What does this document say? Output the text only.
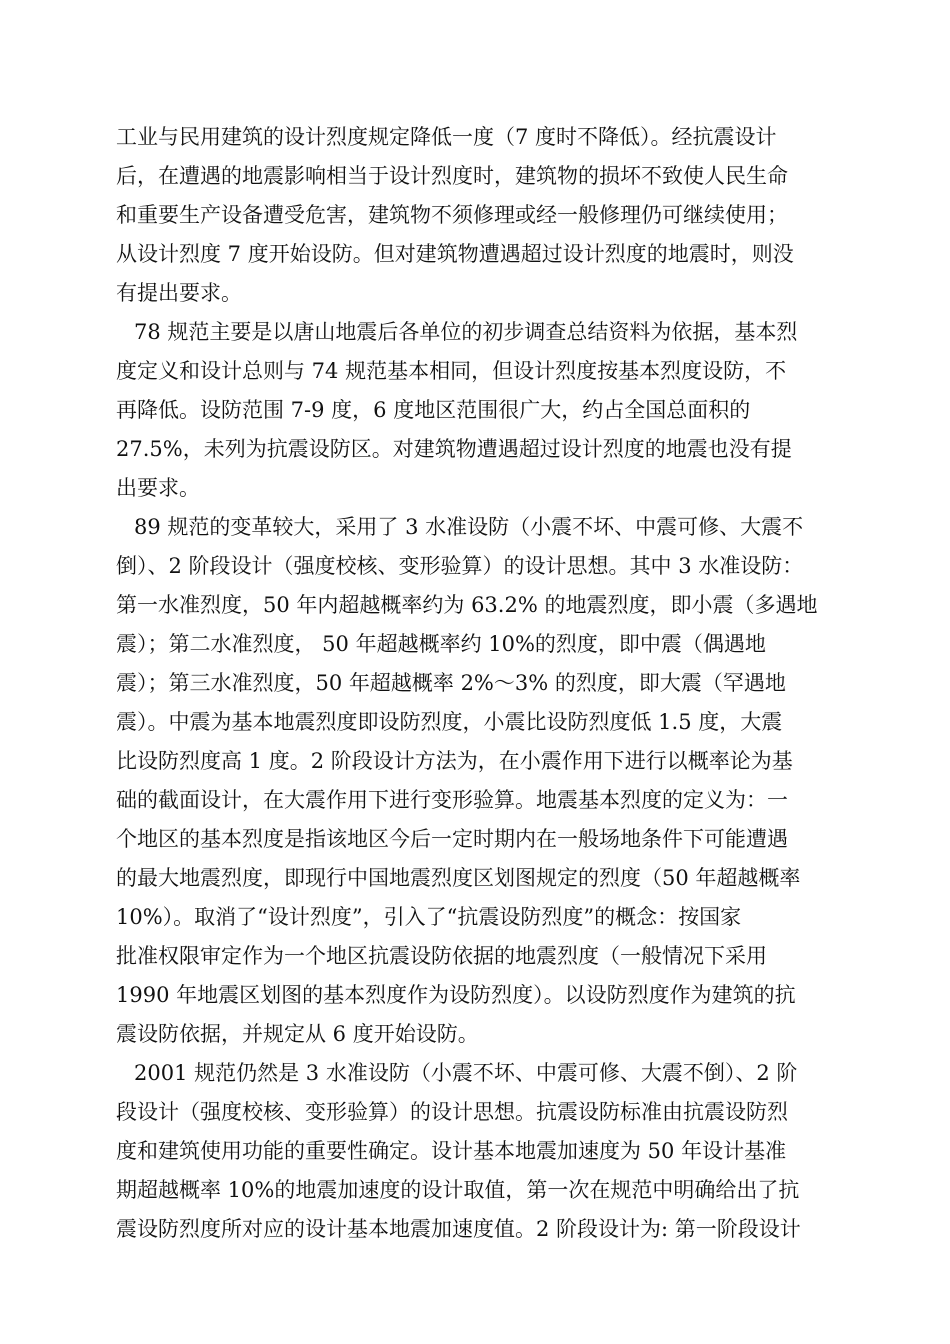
工业与民用建筑的设计烈度规定降低一度（7 度时不降低）。经抗震设计
后，在遭遇的地震影响相当于设计烈度时，建筑物的损坏不致使人民生命
和重要生产设备遭受危害，建筑物不须修理或经一般修理仍可继续使用；
从设计烈度 7 度开始设防。但对建筑物遭遇超过设计烈度的地震时，则没
有提出要求。
78 规范主要是以唐山地震后各单位的初步调查总结资料为依据，基本烈
度定义和设计总则与 74 规范基本相同，但设计烈度按基本烈度设防，不
再降低。设防范围 7-9 度，6 度地区范围很广大，约占全国总面积的
27.5%，未列为抗震设防区。对建筑物遭遇超过设计烈度的地震也没有提
出要求。
89 规范的变革较大，采用了 3 水准设防（小震不坏、中震可修、大震不
倒）、2 阶段设计（强度校核、变形验算）的设计思想。其中 3 水准设防：
第一水准烈度，50 年内超越概率约为 63.2% 的地震烈度，即小震（多遇地
震）；第二水准烈度， 50 年超越概率约 10%的烈度，即中震（偶遇地
震）；第三水准烈度，50 年超越概率 2%～3% 的烈度，即大震（罕遇地
震）。中震为基本地震烈度即设防烈度，小震比设防烈度低 1.5 度，大震
比设防烈度高 1 度。2 阶段设计方法为，在小震作用下进行以概率论为基
础的截面设计，在大震作用下进行变形验算。地震基本烈度的定义为：一
个地区的基本烈度是指该地区今后一定时期内在一般场地条件下可能遭遇
的最大地震烈度，即现行中国地震烈度区划图规定的烈度（50 年超越概率
10%）。取消了“设计烈度”，引入了“抗震设防烈度”的概念：按国家
批准权限审定作为一个地区抗震设防依据的地震烈度（一般情况下采用
1990 年地震区划图的基本烈度作为设防烈度）。以设防烈度作为建筑的抗
震设防依据，并规定从 6 度开始设防。
2001 规范仍然是 3 水准设防（小震不坏、中震可修、大震不倒）、2 阶
段设计（强度校核、变形验算）的设计思想。抗震设防标准由抗震设防烈
度和建筑使用功能的重要性确定。设计基本地震加速度为 50 年设计基准
期超越概率 10%的地震加速度的设计取值，第一次在规范中明确给出了抗
震设防烈度所对应的设计基本地震加速度值。2 阶段设计为: 第一阶段设计
